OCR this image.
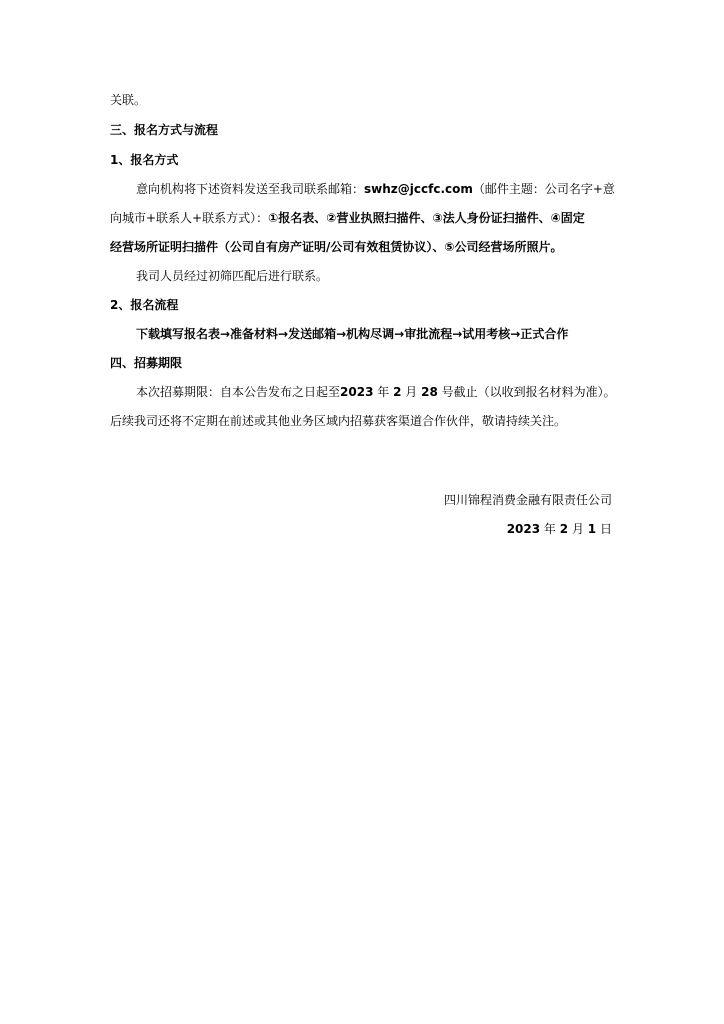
关联。
三、报名方式与流程
1、报名方式
意向机构将下述资料发送至我司联系邮箱：swhz@jccfc.com（邮件主题：公司名字+意
向城市+联系人+联系方式）：①报名表、②营业执照扫描件、③法人身份证扫描件、④固定
经营场所证明扫描件（公司自有房产证明/公司有效租赁协议）、⑤公司经营场所照片。
我司人员经过初筛匹配后进行联系。
2、报名流程
下载填写报名表→准备材料→发送邮箱→机构尽调→审批流程→试用考核→正式合作
四、招募期限
本次招募期限：自本公告发布之日起至2023 年 2 月 28 号截止（以收到报名材料为准）。
后续我司还将不定期在前述或其他业务区域内招募获客渠道合作伙伴，敬请持续关注。
四川锦程消费金融有限责任公司
2023 年 2 月 1 日
